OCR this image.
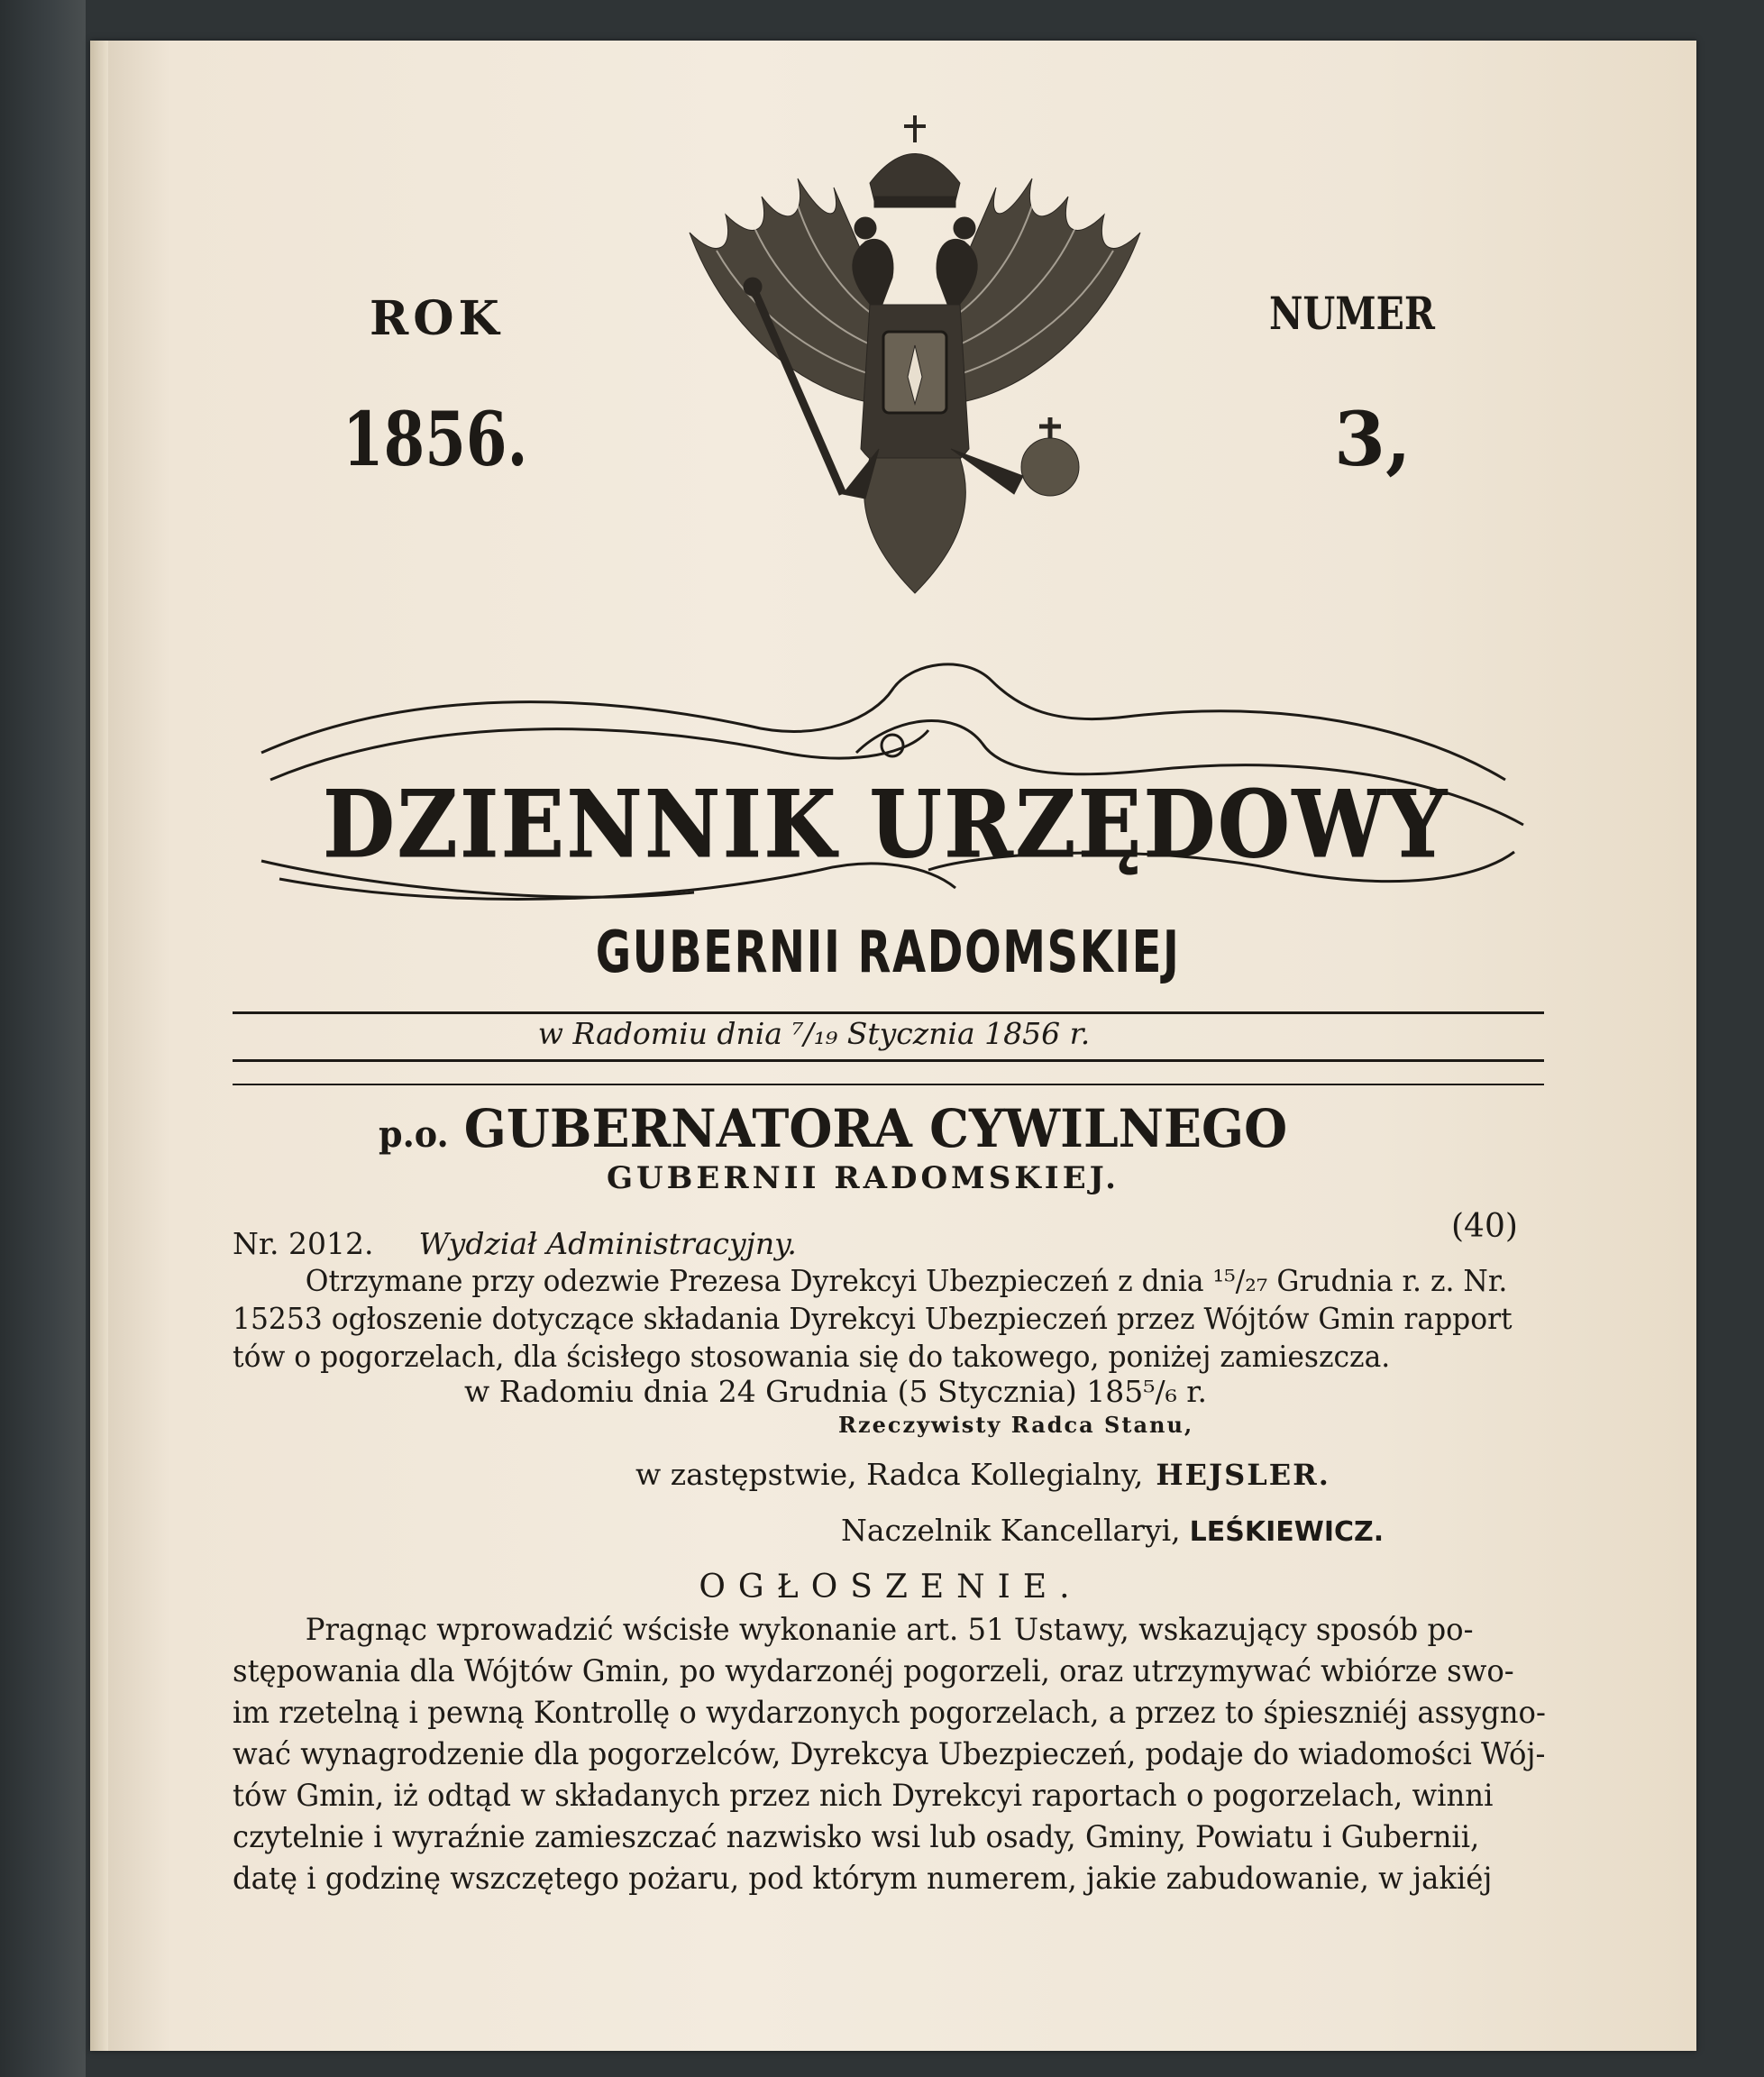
ROK
1856.
NUMER
3,
DZIENNIK URZĘDOWY
GUBERNII RADOMSKIEJ
w Radomiu dnia ⁷/₁₉ Stycznia 1856 r.
p.o. GUBERNATORA CYWILNEGO
GUBERNII RADOMSKIEJ.
Nr. 2012. Wydział Administracyjny.	(40)
Otrzymane przy odezwie Prezesa Dyrekcyi Ubezpieczeń z dnia ¹⁵/₂₇ Grudnia r. z. Nr.
15253 ogłoszenie dotyczące składania Dyrekcyi Ubezpieczeń przez Wójtów Gmin rapport
tów o pogorzelach, dla ścisłego stosowania się do takowego, poniżej zamieszcza.
w Radomiu dnia 24 Grudnia (5 Stycznia) 185⁵/₆ r.
Rzeczywisty Radca Stanu,
w zastępstwie, Radca Kollegialny, HEJSLER.
Naczelnik Kancellaryi, LEŚKIEWICZ.
OGŁOSZENIE.
Pragnąc wprowadzić wścisłe wykonanie art. 51 Ustawy, wskazujący sposób po-
stępowania dla Wójtów Gmin, po wydarzonéj pogorzeli, oraz utrzymywać wbiórze swo-
im rzetelną i pewną Kontrollę o wydarzonych pogorzelach, a przez to śpieszniéj assygno-
wać wynagrodzenie dla pogorzelców, Dyrekcya Ubezpieczeń, podaje do wiadomości Wój-
tów Gmin, iż odtąd w składanych przez nich Dyrekcyi raportach o pogorzelach, winni
czytelnie i wyraźnie zamieszczać nazwisko wsi lub osady, Gminy, Powiatu i Gubernii,
datę i godzinę wszczętego pożaru, pod którym numerem, jakie zabudowanie, w jakiéj
